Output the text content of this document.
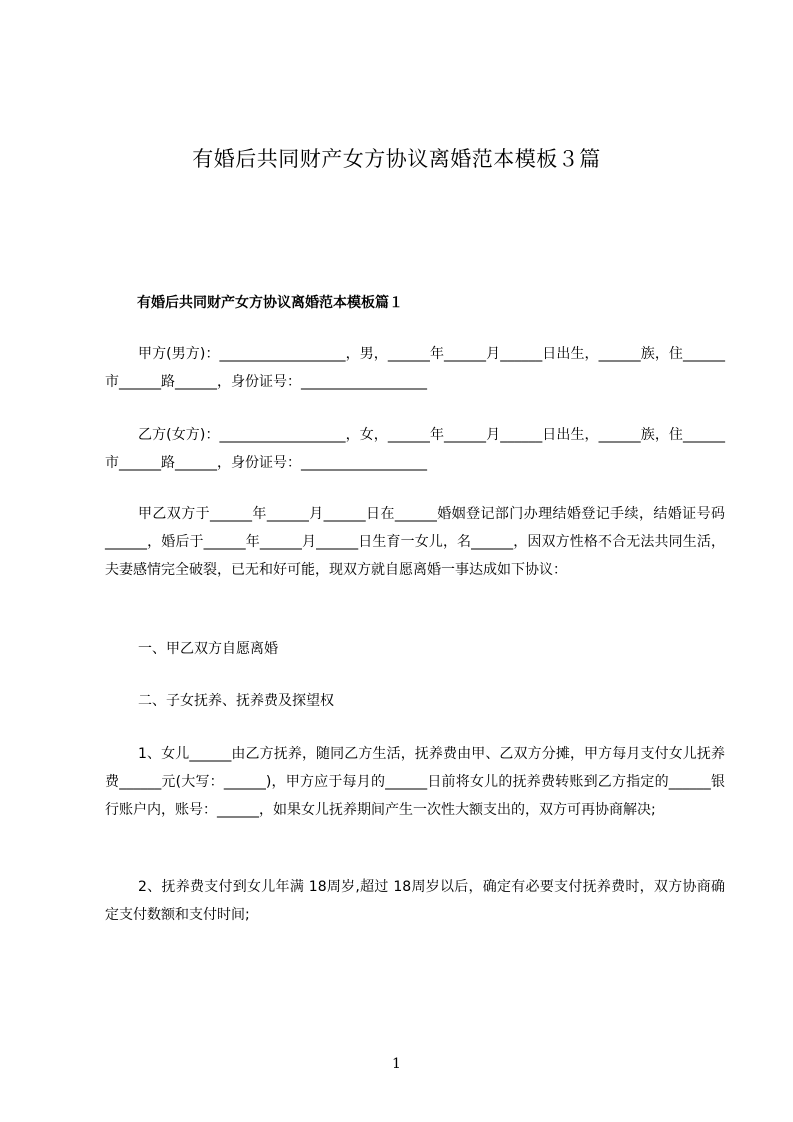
有婚后共同财产女方协议离婚范本模板３篇
有婚后共同财产女方协议离婚范本模板篇１
甲方(男方)：__________________，男，______年______月______日出生，______族，住______市______路______，身份证号：__________________
乙方(女方)：__________________，女，______年______月______日出生，______族，住______市______路______，身份证号：__________________
甲乙双方于______年______月______日在______婚姻登记部门办理结婚登记手续，结婚证号码______，婚后于______年______月______日生育一女儿，名______，因双方性格不合无法共同生活，夫妻感情完全破裂，已无和好可能，现双方就自愿离婚一事达成如下协议：
一、甲乙双方自愿离婚
二、子女抚养、抚养费及探望权
1、女儿______由乙方抚养，随同乙方生活，抚养费由甲、乙双方分摊，甲方每月支付女儿抚养费______元(大写：______)，甲方应于每月的______日前将女儿的抚养费转账到乙方指定的______银行账户内，账号：______，如果女儿抚养期间产生一次性大额支出的，双方可再协商解决;
2、抚养费支付到女儿年满 18周岁,超过 18周岁以后，确定有必要支付抚养费时，双方协商确定支付数额和支付时间;
1
